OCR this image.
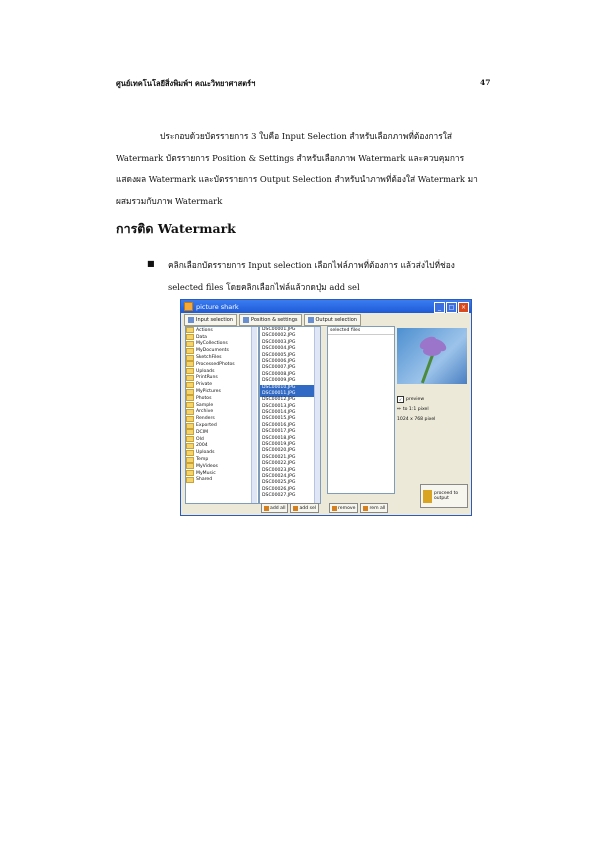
ศูนย์เทคโนโลยีสิ่งพิมพ์ฯ คณะวิทยาศาสตร์ฯ	47
ประกอบด้วยบัตรรายการ 3 ใบคือ Input Selection สำหรับเลือกภาพที่ต้องการใส่
Watermark บัตรรายการ Position & Settings สำหรับเลือกภาพ Watermark และควบคุมการ
แสดงผล Watermark และบัตรรายการ Output Selection สำหรับนำภาพที่ต้องใส่ Watermark มา
ผสมรวมกับภาพ Watermark
การติด Watermark
■ คลิกเลือกบัตรรายการ Input selection เลือกไฟล์ภาพที่ต้องการ แล้วส่งไปที่ช่อง
selected files โดยคลิกเลือกไฟล์แล้วกดปุ่ม add sel
picture shark	_	□	×
Input selection	Position & settings	Output selection
Actions
Data
MyCollections
MyDocuments
SketchFiles
ProcessedPhotos
Uploads
PrintRuns
Private
MyPictures
Photos
Sample
Archive
Renders
Exported
DCIM
Old
2004
Uploads
Temp
MyVideos
MyMusic
Shared
DSC00001.JPG
DSC00002.JPG
DSC00003.JPG
DSC00004.JPG
DSC00005.JPG
DSC00006.JPG
DSC00007.JPG
DSC00008.JPG
DSC00009.JPG
DSC00010.JPG
DSC00011.JPG
DSC00012.JPG
DSC00013.JPG
DSC00014.JPG
DSC00015.JPG
DSC00016.JPG
DSC00017.JPG
DSC00018.JPG
DSC00019.JPG
DSC00020.JPG
DSC00021.JPG
DSC00022.JPG
DSC00023.JPG
DSC00024.JPG
DSC00025.JPG
DSC00026.JPG
DSC00027.JPG
selected files
✓ preview
⇔ to 1:1 pixel
1024 x 768 pixel
add all	add sel	remove	rem all
proceed to output
